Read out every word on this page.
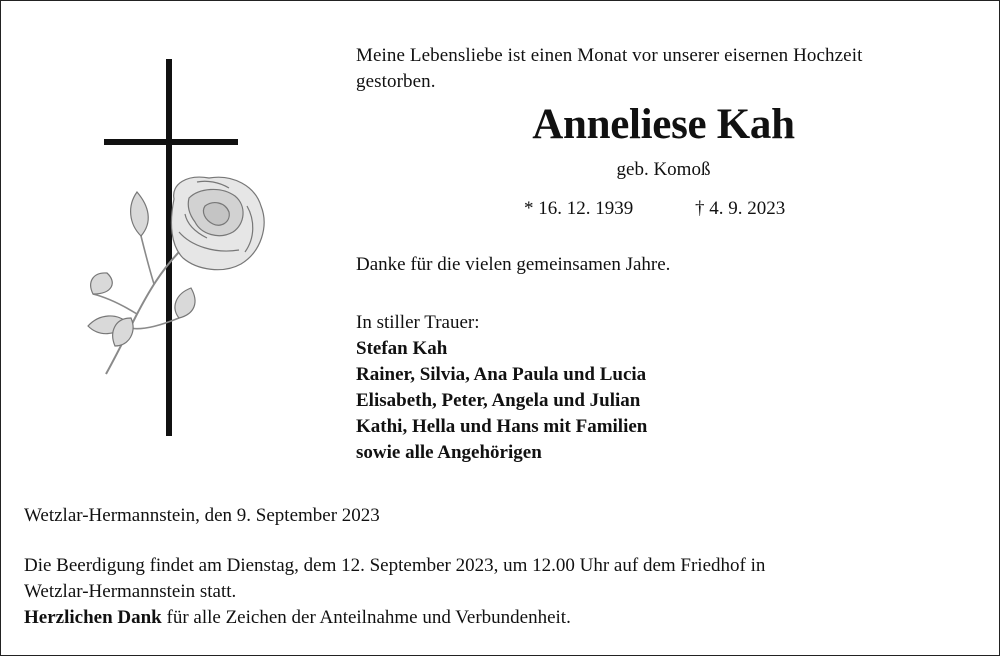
Meine Lebensliebe ist einen Monat vor unserer eisernen Hochzeit
gestorben.
Anneliese Kah
geb. Komoß
* 16. 12. 1939	† 4. 9. 2023
Danke für die vielen gemeinsamen Jahre.
In stiller Trauer:
Stefan Kah
Rainer, Silvia, Ana Paula und Lucia
Elisabeth, Peter, Angela und Julian
Kathi, Hella und Hans mit Familien
sowie alle Angehörigen
Wetzlar-Hermannstein, den 9. September 2023
Die Beerdigung findet am Dienstag, dem 12. September 2023, um 12.00 Uhr auf dem Friedhof in
Wetzlar-Hermannstein statt.
Herzlichen Dank für alle Zeichen der Anteilnahme und Verbundenheit.
